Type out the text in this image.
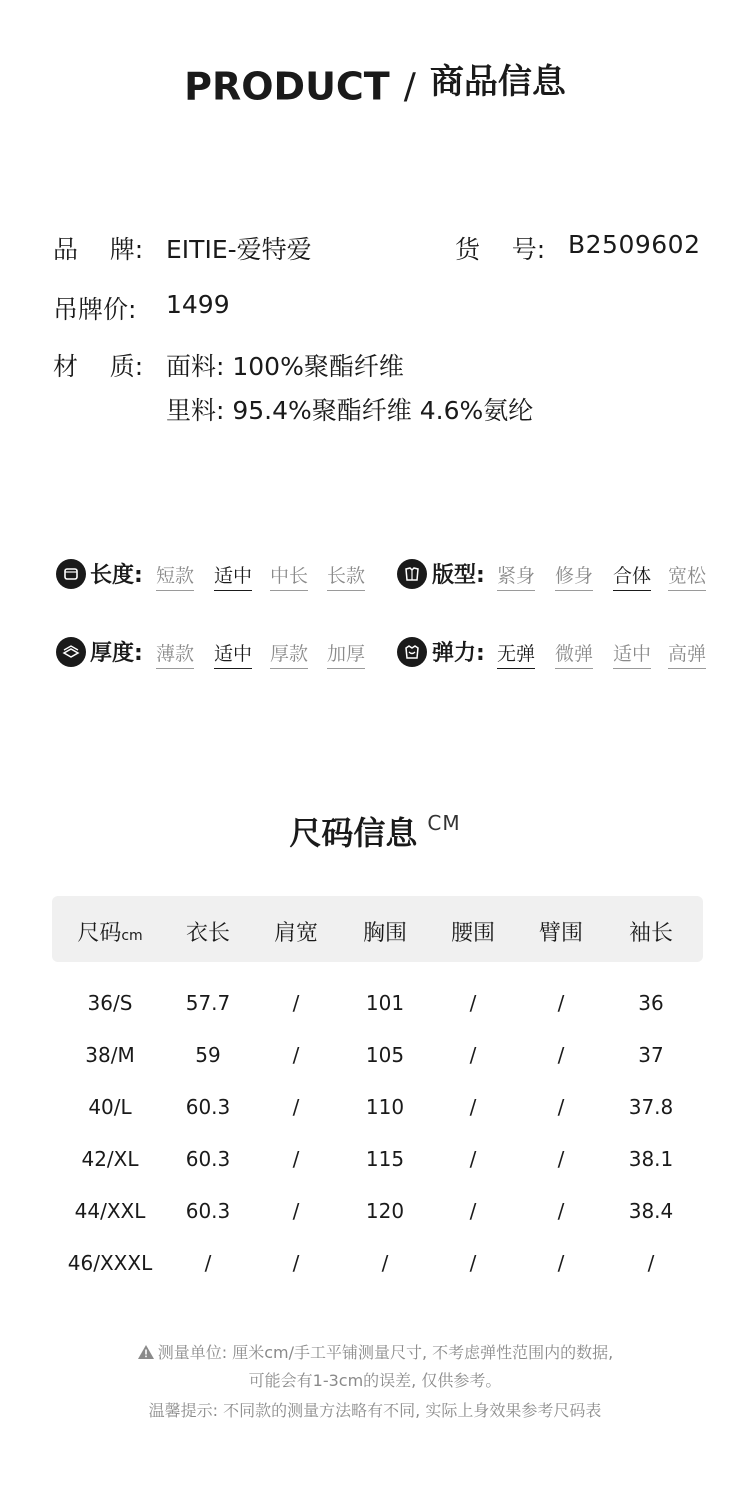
PRODUCT / 商品信息
品    牌: EITIE-爱特爱	货    号: B2509602
吊牌价: 1499
材    质: 面料: 100%聚酯纤维
里料: 95.4%聚酯纤维 4.6%氨纶
长度: 短款 适中 中长 长款	版型: 紧身 修身 合体 宽松
厚度: 薄款 适中 厚款 加厚	弹力: 无弹 微弹 适中 高弹
尺码信息 CM
尺码cm	衣长	肩宽	胸围	腰围	臂围	袖长
36/S	57.7	/	101	/	/	36
38/M	59	/	105	/	/	37
40/L	60.3	/	110	/	/	37.8
42/XL	60.3	/	115	/	/	38.1
44/XXL	60.3	/	120	/	/	38.4
46/XXXL	/	/	/	/	/	/
测量单位: 厘米cm/手工平铺测量尺寸, 不考虑弹性范围内的数据,
可能会有1-3cm的误差, 仅供参考。
温馨提示: 不同款的测量方法略有不同, 实际上身效果参考尺码表
